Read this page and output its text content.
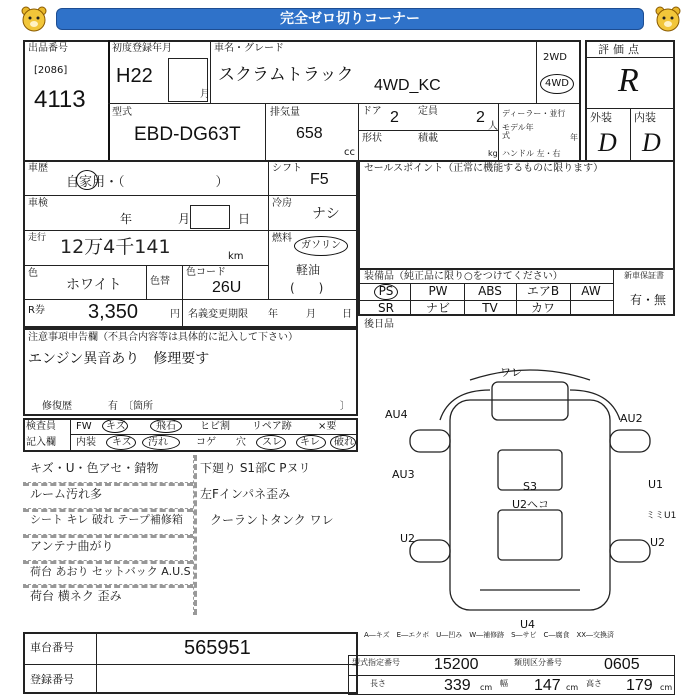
完全ゼロ切りコーナー
出品番号
[2086]
4113
初度登録年月
H22
月
車名・グレード
スクラムトラック
4WD_KC
2WD
4WD
型式
EBD-DG63T
排気量
658
cc
ドア 2 定員 2
人
ディーラー・並行
形状	積載
kg
モデル年式	年
ハンドル 左・右
評価点
R
外装 内装
D D
車歴
自家用・（　　　　　　　）
車検
年	月	日
走行 12万4千141	km
色
ホワイト	色替
色コード
26U
シフト
F5
冷房
ナシ
燃料
ガソリン
軽油
(　　)
R券 3,350	円 名義変更期限 年	月	日
注意事項申告欄（不具合内容等は具体的に記入して下さい）
エンジン異音あり　修理要す
修復歴	有　〔箇所	〕
セールスポイント（正常に機能するものに限ります）
装備品（純正品に限り○をつけてください）	新車保証書
有・無
PS	PW	ABS	エアB	AW
SR	ナビ	TV	カワ
後日品
検査員
記入欄
FW キズ	飛石 ヒビ割 リペア跡	×要
内装 キズ 汚れ	コゲ 穴 スレ キレ 破れ
キズ・U・色アセ・錆物
ルーム汚れ多
シート キレ 破れ テープ補修箱
アンテナ曲がり
荷台 あおり セットバック A.U.S
荷台 横ネク 歪み
下廻り S1部C Pヌリ
左Fインパネ歪み
クーラントタンク ワレ
AU4	AU2
AU3
U1
U2	U2
U4
S3
U2ヘコ
ミミU1
ワレ
A―キズ　E―エクボ　U―凹み　W―補修跡　S―サビ　C―腐食　XX―交換済
車台番号	565951
登録番号
型式指定番号 15200	類別区分番号	0605
長さ	339 cm 幅 147 cm 高さ 179 cm
